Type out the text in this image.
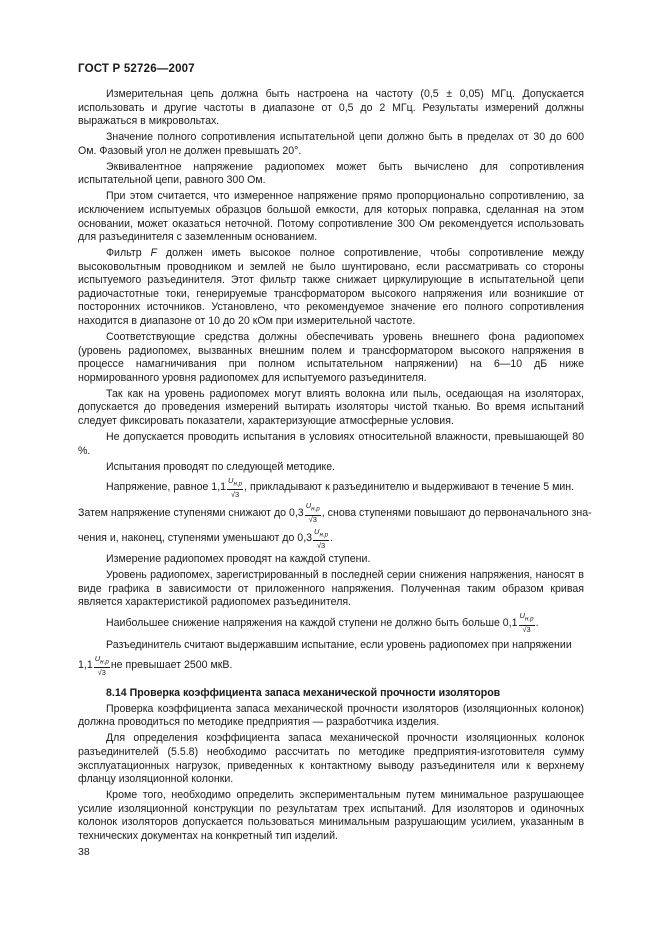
ГОСТ Р 52726—2007

Измерительная цепь должна быть настроена на частоту (0,5 ± 0,05) МГц. Допускается использовать и другие частоты в диапазоне от 0,5 до 2 МГц. Результаты измерений должны выражаться в микровольтах.

Значение полного сопротивления испытательной цепи должно быть в пределах от 30 до 600 Ом. Фазовый угол не должен превышать 20°.

Эквивалентное напряжение радиопомех может быть вычислено для сопротивления испытательной цепи, равного 300 Ом.

При этом считается, что измеренное напряжение прямо пропорционально сопротивлению, за исключением испытуемых образцов большой емкости, для которых поправка, сделанная на этом основании, может оказаться неточной. Потому сопротивление 300 Ом рекомендуется использовать для разъединителя с заземленным основанием.

Фильтр F должен иметь высокое полное сопротивление, чтобы сопротивление между высоковольтным проводником и землей не было шунтировано, если рассматривать со стороны испытуемого разъединителя. Этот фильтр также снижает циркулирующие в испытательной цепи радиочастотные токи, генерируемые трансформатором высокого напряжения или возникшие от посторонних источников. Установлено, что рекомендуемое значение его полного сопротивления находится в диапазоне от 10 до 20 кОм при измерительной частоте.

Соответствующие средства должны обеспечивать уровень внешнего фона радиопомех (уровень радиопомех, вызванных внешним полем и трансформатором высокого напряжения в процессе намагничивания при полном испытательном напряжении) на 6—10 дБ ниже нормированного уровня радиопомех для испытуемого разъединителя.

Так как на уровень радиопомех могут влиять волокна или пыль, оседающая на изоляторах, допускается до проведения измерений вытирать изоляторы чистой тканью. Во время испытаний следует фиксировать показатели, характеризующие атмосферные условия.

Не допускается проводить испытания в условиях относительной влажности, превышающей 80 %.

Испытания проводят по следующей методике.

Напряжение, равное $1,1 \frac{U_{н.р}}{√3}$ , прикладывают к разъединителю и выдерживают в течение 5 мин.
Затем напряжение ступенями снижают до $0,3 \frac{U_{н.р}}{√3}$ , снова ступенями повышают до первоначального зна-
чения и, наконец, ступенями уменьшают до $0,3 \frac{U_{н.р}}{√3}$ .

Измерение радиопомех проводят на каждой ступени.

Уровень радиопомех, зарегистрированный в последней серии снижения напряжения, наносят в виде графика в зависимости от приложенного напряжения. Полученная таким образом кривая является характеристикой радиопомех разъединителя.

Наибольшее снижение напряжения на каждой ступени не должно быть больше $0,1 \frac{U_{н.р}}{√3}$ .

Разъединитель считают выдержавшим испытание, если уровень радиопомех при напряжении

$1,1 \frac{U_{н.р}}{√3}$ не превышает 2500 мкВ.
8.14 Проверка коэффициента запаса механической прочности изоляторов

Проверка коэффициента запаса механической прочности изоляторов (изоляционных колонок) должна проводиться по методике предприятия — разработчика изделия.

Для определения коэффициента запаса механической прочности изоляционных колонок разъединителей (5.5.8) необходимо рассчитать по методике предприятия-изготовителя сумму эксплуатационных нагрузок, приведенных к контактному выводу разъединителя или к верхнему фланцу изоляционной колонки.

Кроме того, необходимо определить экспериментальным путем минимальное разрушающее усилие изоляционной конструкции по результатам трех испытаний. Для изоляторов и одиночных колонок изоляторов допускается пользоваться минимальным разрушающим усилием, указанным в технических документах на конкретный тип изделий.

38
